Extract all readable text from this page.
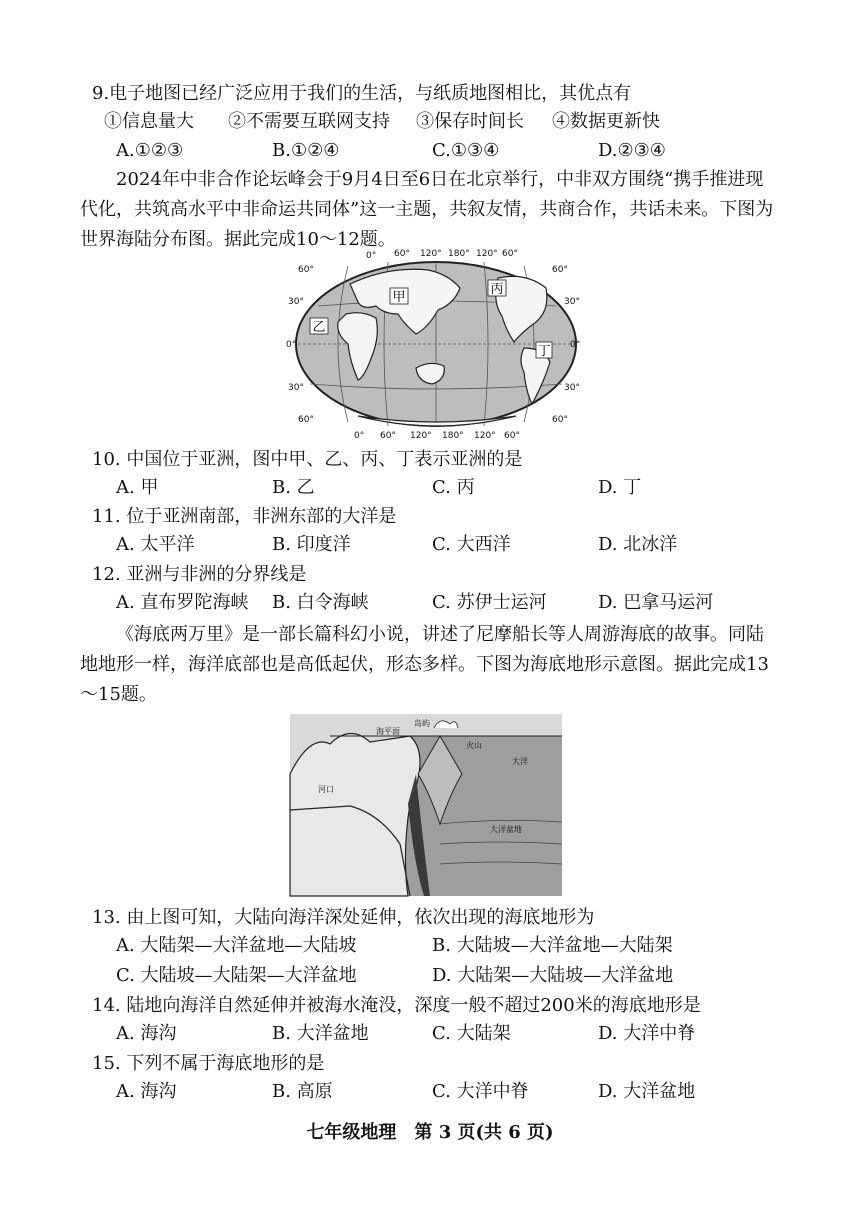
9.电子地图已经广泛应用于我们的生活，与纸质地图相比，其优点有
①信息量大 ②不需要互联网支持 ③保存时间长 ④数据更新快
A.①②③	B.①②④	C.①③④	D.②③④
2024年中非合作论坛峰会于9月4日至6日在北京举行，中非双方围绕“携手推进现代化，共筑高水平中非命运共同体”这一主题，共叙友情，共商合作，共话未来。下图为世界海陆分布图。据此完成10～12题。
甲
乙
丙
丁
0° 60° 120° 180° 120° 60°
0° 60° 120° 180° 120° 60°
60°
30°
0°
30°
60°
60°
30°
0°
30°
60°
10. 中国位于亚洲，图中甲、乙、丙、丁表示亚洲的是
A. 甲	B. 乙	C. 丙	D. 丁
11. 位于亚洲南部，非洲东部的大洋是
A. 太平洋	B. 印度洋	C. 大西洋	D. 北冰洋
12. 亚洲与非洲的分界线是
A. 直布罗陀海峡 B. 白令海峡	C. 苏伊士运河	D. 巴拿马运河
《海底两万里》是一部长篇科幻小说，讲述了尼摩船长等人周游海底的故事。同陆地地形一样，海洋底部也是高低起伏，形态多样。下图为海底地形示意图。据此完成13～15题。
岛屿
海平面
火山
大洋
河口
大洋盆地
13. 由上图可知，大陆向海洋深处延伸，依次出现的海底地形为
A. 大陆架—大洋盆地—大陆坡	B. 大陆坡—大洋盆地—大陆架
C. 大陆坡—大陆架—大洋盆地	D. 大陆架—大陆坡—大洋盆地
14. 陆地向海洋自然延伸并被海水淹没，深度一般不超过200米的海底地形是
A. 海沟	B. 大洋盆地	C. 大陆架	D. 大洋中脊
15. 下列不属于海底地形的是
A. 海沟	B. 高原	C. 大洋中脊	D. 大洋盆地
七年级地理　第 3 页(共 6 页)
